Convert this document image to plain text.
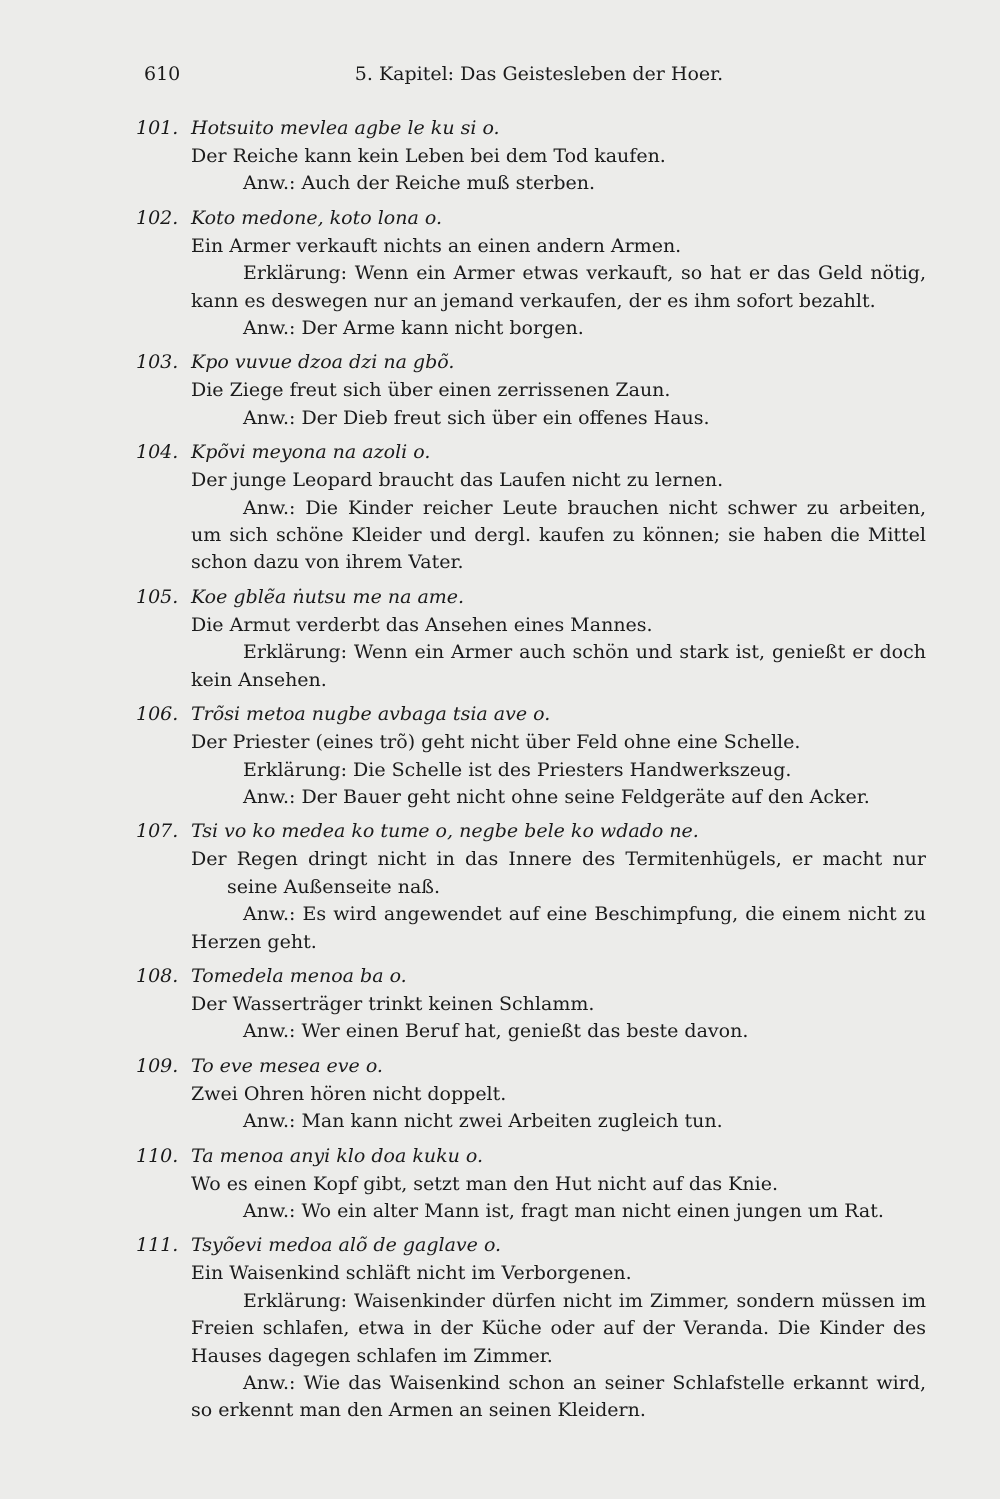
610	5. Kapitel: Das Geistesleben der Hoer.
101. Hotsuito mevlea agbe le ku si o.

Der Reiche kann kein Leben bei dem Tod kaufen.

Anw.: Auch der Reiche muß sterben.

102. Koto medone, koto lona o.

Ein Armer verkauft nichts an einen andern Armen.

Erklärung: Wenn ein Armer etwas verkauft, so hat er das Geld nötig, kann es deswegen nur an jemand verkaufen, der es ihm sofort bezahlt.

Anw.: Der Arme kann nicht borgen.

103. Kpo vuvue dzoa dzi na gbõ.

Die Ziege freut sich über einen zerrissenen Zaun.

Anw.: Der Dieb freut sich über ein offenes Haus.

104. Kpõvi meyona na azoli o.

Der junge Leopard braucht das Laufen nicht zu lernen.

Anw.: Die Kinder reicher Leute brauchen nicht schwer zu arbeiten, um sich schöne Kleider und dergl. kaufen zu können; sie haben die Mittel schon dazu von ihrem Vater.

105. Koe gblẽa ṅutsu me na ame.

Die Armut verderbt das Ansehen eines Mannes.

Erklärung: Wenn ein Armer auch schön und stark ist, genießt er doch kein Ansehen.

106. Trõsi metoa nugbe avbaga tsia ave o.

Der Priester (eines trõ) geht nicht über Feld ohne eine Schelle.

Erklärung: Die Schelle ist des Priesters Handwerkszeug.

Anw.: Der Bauer geht nicht ohne seine Feldgeräte auf den Acker.

107. Tsi vo ko medea ko tume o, negbe bele ko wdado ne.

Der Regen dringt nicht in das Innere des Termitenhügels, er macht nur seine Außenseite naß.

Anw.: Es wird angewendet auf eine Beschimpfung, die einem nicht zu Herzen geht.

108. Tomedela menoa ba o.

Der Wasserträger trinkt keinen Schlamm.

Anw.: Wer einen Beruf hat, genießt das beste davon.

109. To eve mesea eve o.

Zwei Ohren hören nicht doppelt.

Anw.: Man kann nicht zwei Arbeiten zugleich tun.

110. Ta menoa anyi klo doa kuku o.

Wo es einen Kopf gibt, setzt man den Hut nicht auf das Knie.

Anw.: Wo ein alter Mann ist, fragt man nicht einen jungen um Rat.

111. Tsyõevi medoa alõ de gaglave o.

Ein Waisenkind schläft nicht im Verborgenen.

Erklärung: Waisenkinder dürfen nicht im Zimmer, sondern müssen im Freien schlafen, etwa in der Küche oder auf der Veranda. Die Kinder des Hauses dagegen schlafen im Zimmer.

Anw.: Wie das Waisenkind schon an seiner Schlafstelle erkannt wird, so erkennt man den Armen an seinen Kleidern.
